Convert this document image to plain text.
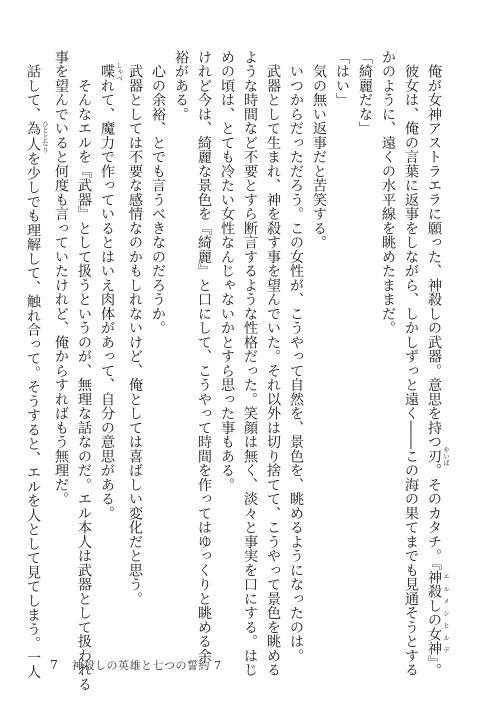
　俺が女神アストラエラに願った、神殺しの武器。意思を持つ刃 やいば。そのカタチ。『神殺しの女神 エルメンヒルデ』。
　彼女は、俺の言葉に返事をしながら、しかしずっと遠く――この海の果てまでも見通そうとする
かのように、遠くの水平線を眺めたままだ。
「綺麗だな」
「はい」
　気の無い返事だと苦笑する。
　いつからだっただろう。この女性が、こうやって自然を、景色を、眺めるようになったのは。
　武器として生まれ、神を殺す事を望んでいた。それ以外は切り捨てて、こうやって景色を眺める
ような時間など不要とすら断言するような性格だった。笑顔は無く、淡々と事実を口にする。はじ
めの頃は、とても冷たい女性なんじゃないかとすら思った事もある。
けれど今は、綺麗な景色を『綺麗』と口にして、こうやって時間を作ってはゆっくりと眺める余
裕がある。
　心の余裕、とでも言うべきなのだろうか。
　武器としては不要な感情なのかもしれないけど、俺としては喜ばしい変化だと思う。
　喋 しゃべれて、魔力で作っているとはいえ肉体があって、自分の意思がある。
　　そんなエルを『武器』として扱うというのが、無理な話なのだ。エル本人は武器として扱われる
事を望んでいると何度も言っていたけれど、俺からすればもう無理だ。
　話して、為人 ひととなりを少しでも理解して、触れ合って。そうすると、エルを人として見てしまう。一人 7 神殺しの英雄と七つの誓約 7
